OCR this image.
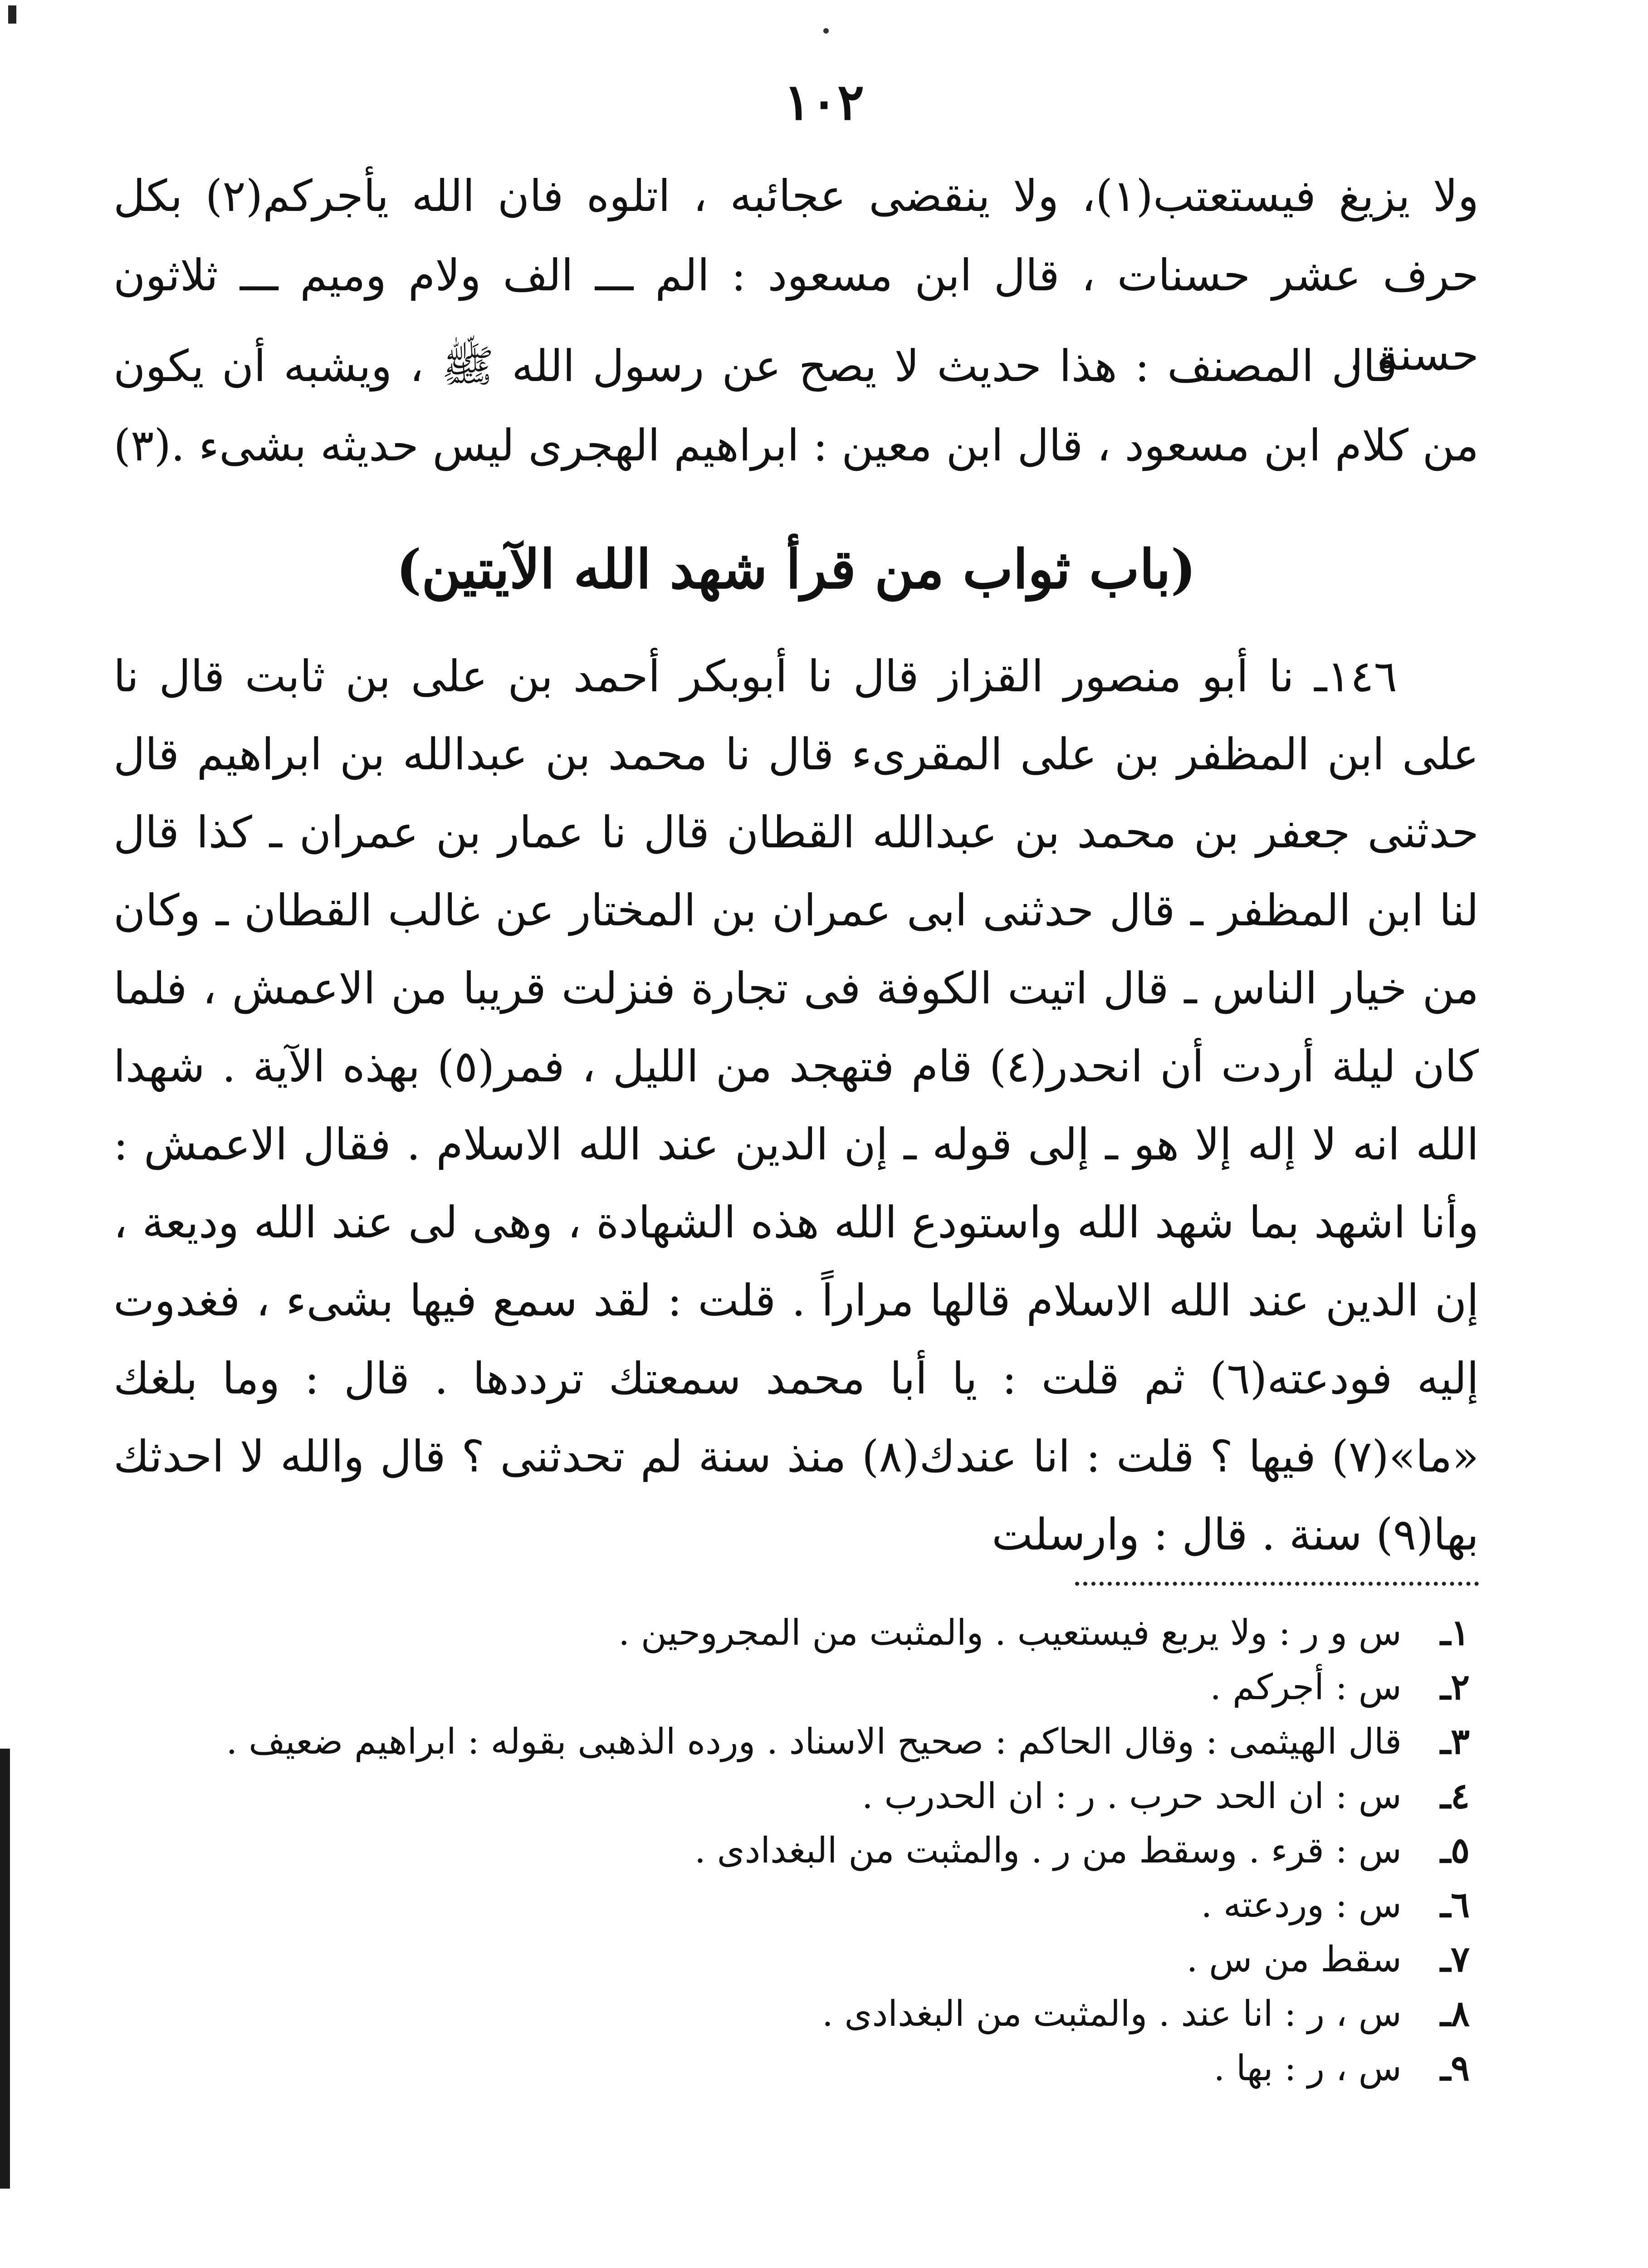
١٠٢

ولا يزيغ فيستعتب(١)، ولا ينقضى عجائبه ، اتلوه فان الله يأجركم(٢) بكل حرف عشر حسنات ، قال ابن مسعود : الم ـــ الف ولام وميم ـــ ثلاثون حسنة .

قال المصنف : هذا حديث لا يصح عن رسول الله ﷺ ، ويشبه أن يكون من كلام ابن مسعود ، قال ابن معين : ابراهيم الهجرى ليس حديثه بشىء .(٣)

(باب ثواب من قرأ شهد الله الآيتين)

١٤٦ـ نا أبو منصور القزاز قال نا أبوبكر أحمد بن على بن ثابت قال نا على ابن المظفر بن على المقرىء قال نا محمد بن عبدالله بن ابراهيم قال حدثنى جعفر بن محمد بن عبدالله القطان قال نا عمار بن عمران ـ كذا قال لنا ابن المظفر ـ قال حدثنى ابى عمران بن المختار عن غالب القطان ـ وكان من خيار الناس ـ قال اتيت الكوفة فى تجارة فنزلت قريبا من الاعمش ، فلما كان ليلة أردت أن انحدر(٤) قام فتهجد من الليل ، فمر(٥) بهذه الآية . شهدا الله انه لا إله إلا هو ـ إلى قوله ـ إن الدين عند الله الاسلام . فقال الاعمش : وأنا اشهد بما شهد الله واستودع الله هذه الشهادة ، وهى لى عند الله وديعة ، إن الدين عند الله الاسلام قالها مراراً . قلت : لقد سمع فيها بشىء ، فغدوت إليه فودعته(٦) ثم قلت : يا أبا محمد سمعتك ترددها . قال : وما بلغك «ما»(٧) فيها ؟ قلت : انا عندك(٨) منذ سنة لم تحدثنى ؟ قال والله لا احدثك بها(٩) سنة . قال : وارسلت

١ـس و ر : ولا يربع فيستعيب . والمثبت من المجروحين .
٢ـس : أجركم .
٣ـقال الهيثمى : وقال الحاكم : صحيح الاسناد . ورده الذهبى بقوله : ابراهيم ضعيف .
٤ـس : ان الحد حرب . ر : ان الحدرب .
٥ـس : قرء . وسقط من ر . والمثبت من البغدادى .
٦ـس : وردعته .
٧ـسقط من س .
٨ـس ، ر : انا عند . والمثبت من البغدادى .
٩ـس ، ر : بها .
